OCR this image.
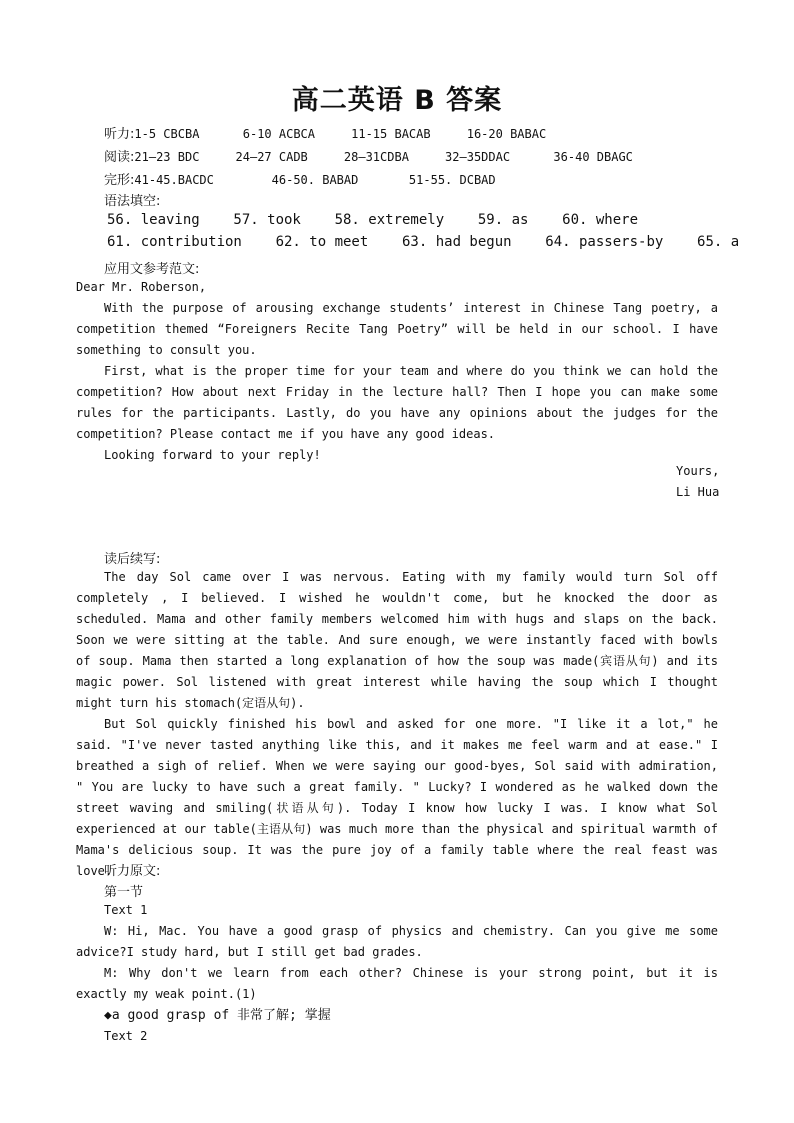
高二英语 B 答案
听力:1-5 CBCBA      6-10 ACBCA     11-15 BACAB     16-20 BABAC
阅读:21—23 BDC     24—27 CADB     28—31CDBA     32—35DDAC      36-40 DBAGC
完形:41-45.BACDC        46-50. BABAD       51-55. DCBAD
语法填空:
56. leaving    57. took    58. extremely    59. as    60. where
61. contribution    62. to meet    63. had begun    64. passers-by    65. a
应用文参考范文:

Dear Mr. Roberson,

With the purpose of arousing exchange students’ interest in Chinese Tang poetry, a competition themed “Foreigners Recite Tang Poetry” will be held in our school. I have something to consult you.

First, what is the proper time for your team and where do you think we can hold the competition? How about next Friday in the lecture hall? Then I hope you can make some rules for the participants. Lastly, do you have any opinions about the judges for the competition? Please contact me if you have any good ideas.

Looking forward to your reply!

Yours,
Li Hua
读后续写:

The day Sol came over I was nervous. Eating with my family would turn Sol off completely , I believed. I wished he wouldn't come, but he knocked the door as scheduled. Mama and other family members welcomed him with hugs and slaps on the back. Soon we were sitting at the table. And sure enough, we were instantly faced with bowls of soup. Mama then started a long explanation of how the soup was made(宾语从句) and its magic power. Sol listened with great interest while having the soup which I thought might turn his stomach(定语从句).

But Sol quickly finished his bowl and asked for one more. "I like it a lot," he said. "I've never tasted anything like this, and it makes me feel warm and at ease." I breathed a sigh of relief. When we were saying our good-byes, Sol said with admiration, " You are lucky to have such a great family. " Lucky? I wondered as he walked down the street waving and smiling(状语从句). Today I know how lucky I was. I know what Sol experienced at our table(主语从句) was much more than the physical and spiritual warmth of Mama's delicious soup. It was the pure joy of a family table where the real feast was love.

听力原文:
第一节

Text 1

W: Hi, Mac. You have a good grasp of physics and chemistry. Can you give me some advice?I study hard, but I still get bad grades.

M: Why don't we learn from each other? Chinese is your strong point, but it is exactly my weak point.(1)

◆a good grasp of 非常了解; 掌握

Text 2
